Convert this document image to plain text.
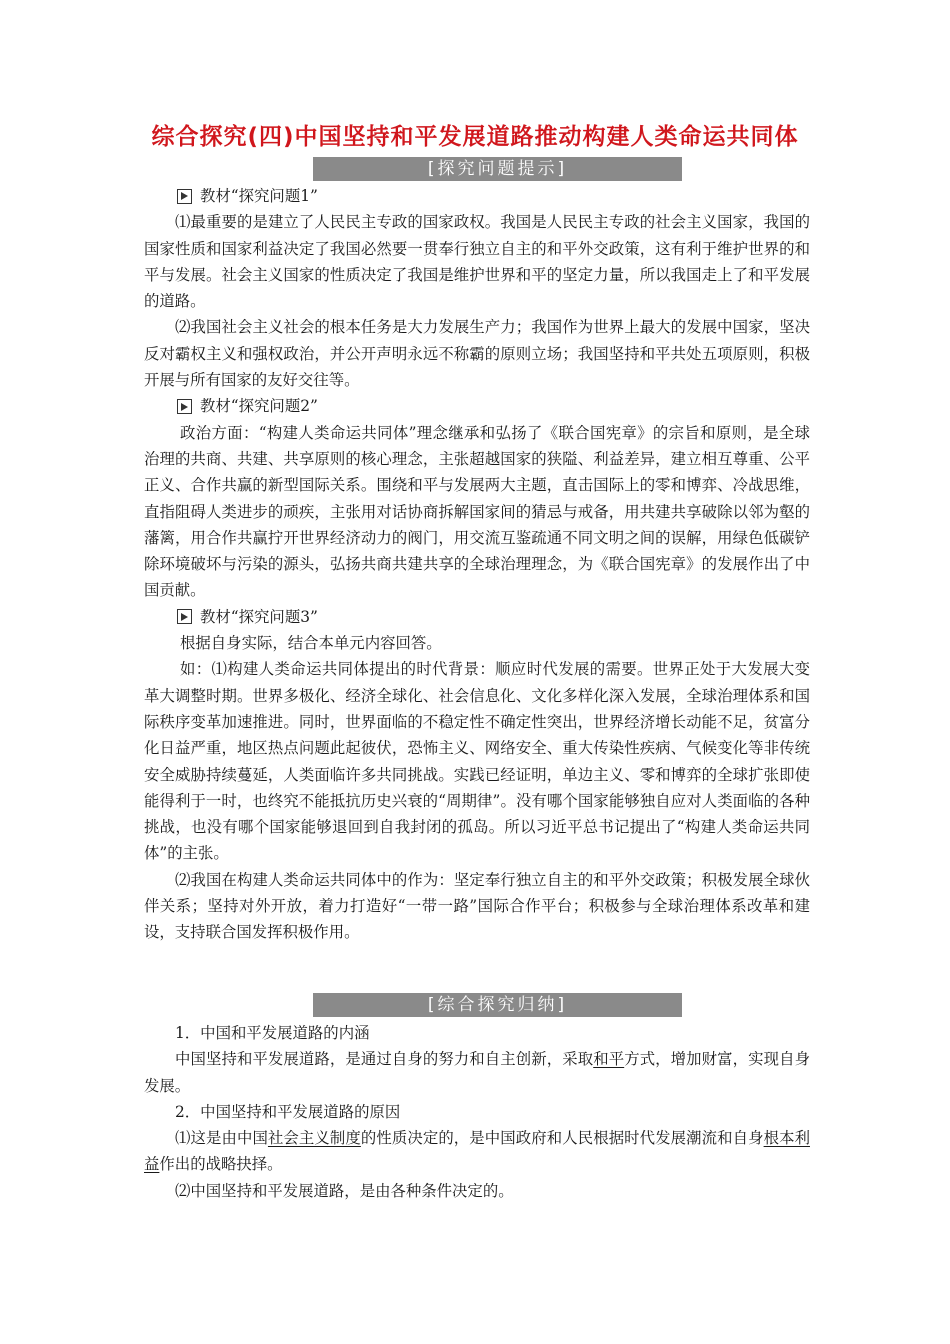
综合探究(四)中国坚持和平发展道路推动构建人类命运共同体
[探究问题提示]
教材“探究问题1”

⑴最重要的是建立了人民民主专政的国家政权。我国是人民民主专政的社会主义国家，我国的国家性质和国家利益决定了我国必然要一贯奉行独立自主的和平外交政策，这有利于维护世界的和平与发展。社会主义国家的性质决定了我国是维护世界和平的坚定力量，所以我国走上了和平发展的道路。

⑵我国社会主义社会的根本任务是大力发展生产力；我国作为世界上最大的发展中国家，坚决反对霸权主义和强权政治，并公开声明永远不称霸的原则立场；我国坚持和平共处五项原则，积极开展与所有国家的友好交往等。

教材“探究问题2”

政治方面：“构建人类命运共同体”理念继承和弘扬了《联合国宪章》的宗旨和原则，是全球治理的共商、共建、共享原则的核心理念，主张超越国家的狭隘、利益差异，建立相互尊重、公平正义、合作共赢的新型国际关系。围绕和平与发展两大主题，直击国际上的零和博弈、冷战思维，直指阻碍人类进步的顽疾，主张用对话协商拆解国家间的猜忌与戒备，用共建共享破除以邻为壑的藩篱，用合作共赢拧开世界经济动力的阀门，用交流互鉴疏通不同文明之间的误解，用绿色低碳铲除环境破坏与污染的源头，弘扬共商共建共享的全球治理理念，为《联合国宪章》的发展作出了中国贡献。

教材“探究问题3”

根据自身实际，结合本单元内容回答。

如：⑴构建人类命运共同体提出的时代背景：顺应时代发展的需要。世界正处于大发展大变革大调整时期。世界多极化、经济全球化、社会信息化、文化多样化深入发展，全球治理体系和国际秩序变革加速推进。同时，世界面临的不稳定性不确定性突出，世界经济增长动能不足，贫富分化日益严重，地区热点问题此起彼伏，恐怖主义、网络安全、重大传染性疾病、气候变化等非传统安全威胁持续蔓延，人类面临许多共同挑战。实践已经证明，单边主义、零和博弈的全球扩张即使能得利于一时，也终究不能抵抗历史兴衰的“周期律”。没有哪个国家能够独自应对人类面临的各种挑战，也没有哪个国家能够退回到自我封闭的孤岛。所以习近平总书记提出了“构建人类命运共同体”的主张。

⑵我国在构建人类命运共同体中的作为：坚定奉行独立自主的和平外交政策；积极发展全球伙伴关系；坚持对外开放，着力打造好“一带一路”国际合作平台；积极参与全球治理体系改革和建设，支持联合国发挥积极作用。

[综合探究归纳]

1．中国和平发展道路的内涵

中国坚持和平发展道路，是通过自身的努力和自主创新，采取和平方式，增加财富，实现自身发展。

2．中国坚持和平发展道路的原因

⑴这是由中国社会主义制度的性质决定的，是中国政府和人民根据时代发展潮流和自身根本利益作出的战略抉择。

⑵中国坚持和平发展道路，是由各种条件决定的。
